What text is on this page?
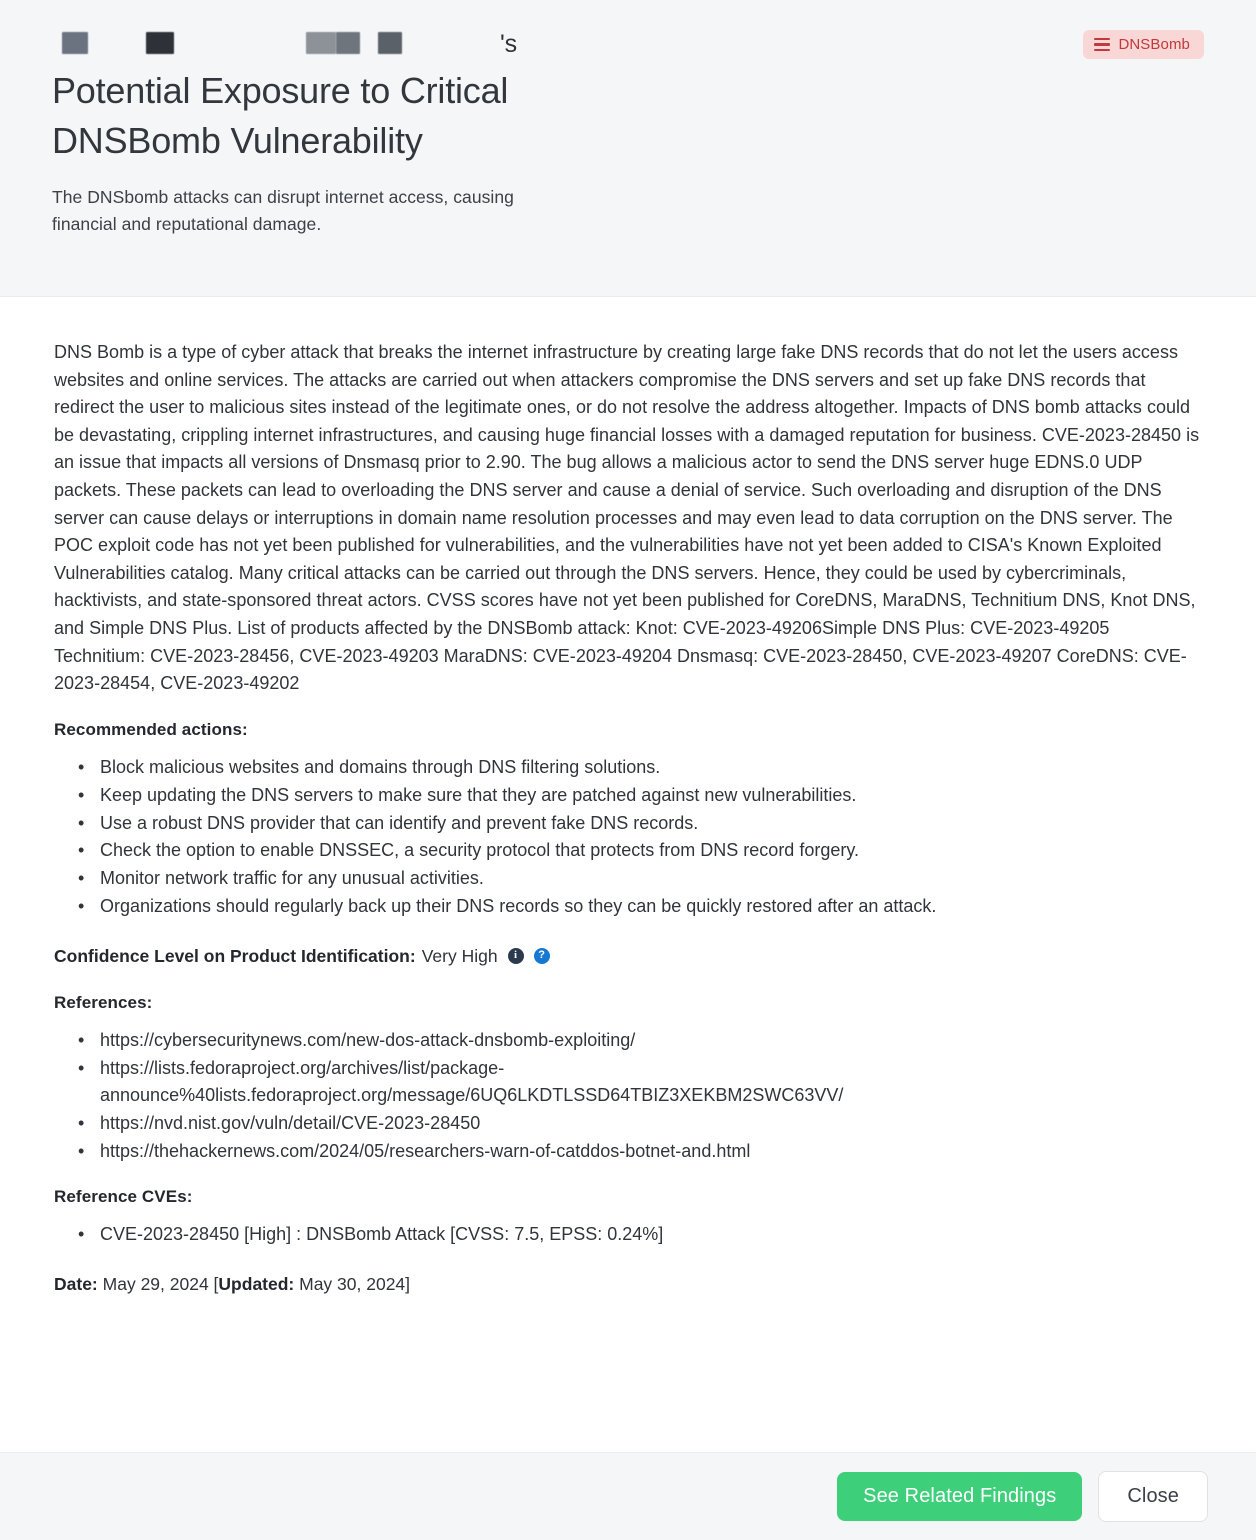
's	DNSBomb
Potential Exposure to Critical DNSBomb Vulnerability

The DNSbomb attacks can disrupt internet access, causing financial and reputational damage.

DNS Bomb is a type of cyber attack that breaks the internet infrastructure by creating large fake DNS records that do not let the users access websites and online services. The attacks are carried out when attackers compromise the DNS servers and set up fake DNS records that redirect the user to malicious sites instead of the legitimate ones, or do not resolve the address altogether. Impacts of DNS bomb attacks could be devastating, crippling internet infrastructures, and causing huge financial losses with a damaged reputation for business. CVE-2023-28450 is an issue that impacts all versions of Dnsmasq prior to 2.90. The bug allows a malicious actor to send the DNS server huge EDNS.0 UDP packets. These packets can lead to overloading the DNS server and cause a denial of service. Such overloading and disruption of the DNS server can cause delays or interruptions in domain name resolution processes and may even lead to data corruption on the DNS server. The POC exploit code has not yet been published for vulnerabilities, and the vulnerabilities have not yet been added to CISA's Known Exploited Vulnerabilities catalog. Many critical attacks can be carried out through the DNS servers. Hence, they could be used by cybercriminals, hacktivists, and state-sponsored threat actors. CVSS scores have not yet been published for CoreDNS, MaraDNS, Technitium DNS, Knot DNS, and Simple DNS Plus. List of products affected by the DNSBomb attack: Knot: CVE-2023-49206Simple DNS Plus: CVE-2023-49205 Technitium: CVE-2023-28456, CVE-2023-49203 MaraDNS: CVE-2023-49204 Dnsmasq: CVE-2023-28450, CVE-2023-49207 CoreDNS: CVE-2023-28454, CVE-2023-49202

Recommended actions:
• Block malicious websites and domains through DNS filtering solutions.
• Keep updating the DNS servers to make sure that they are patched against new vulnerabilities.
• Use a robust DNS provider that can identify and prevent fake DNS records.
• Check the option to enable DNSSEC, a security protocol that protects from DNS record forgery.
• Monitor network traffic for any unusual activities.
• Organizations should regularly back up their DNS records so they can be quickly restored after an attack.
Confidence Level on Product Identification: Very High	i	?
References:
• https://cybersecuritynews.com/new-dos-attack-dnsbomb-exploiting/
• https://lists.fedoraproject.org/archives/list/package-announce%40lists.fedoraproject.org/message/6UQ6LKDTLSSD64TBIZ3XEKBM2SWC63VV/
• https://nvd.nist.gov/vuln/detail/CVE-2023-28450
• https://thehackernews.com/2024/05/researchers-warn-of-catddos-botnet-and.html
Reference CVEs:
• CVE-2023-28450 [High] : DNSBomb Attack [CVSS: 7.5, EPSS: 0.24%]

Date: May 29, 2024 [Updated: May 30, 2024]

See Related Findings	Close
